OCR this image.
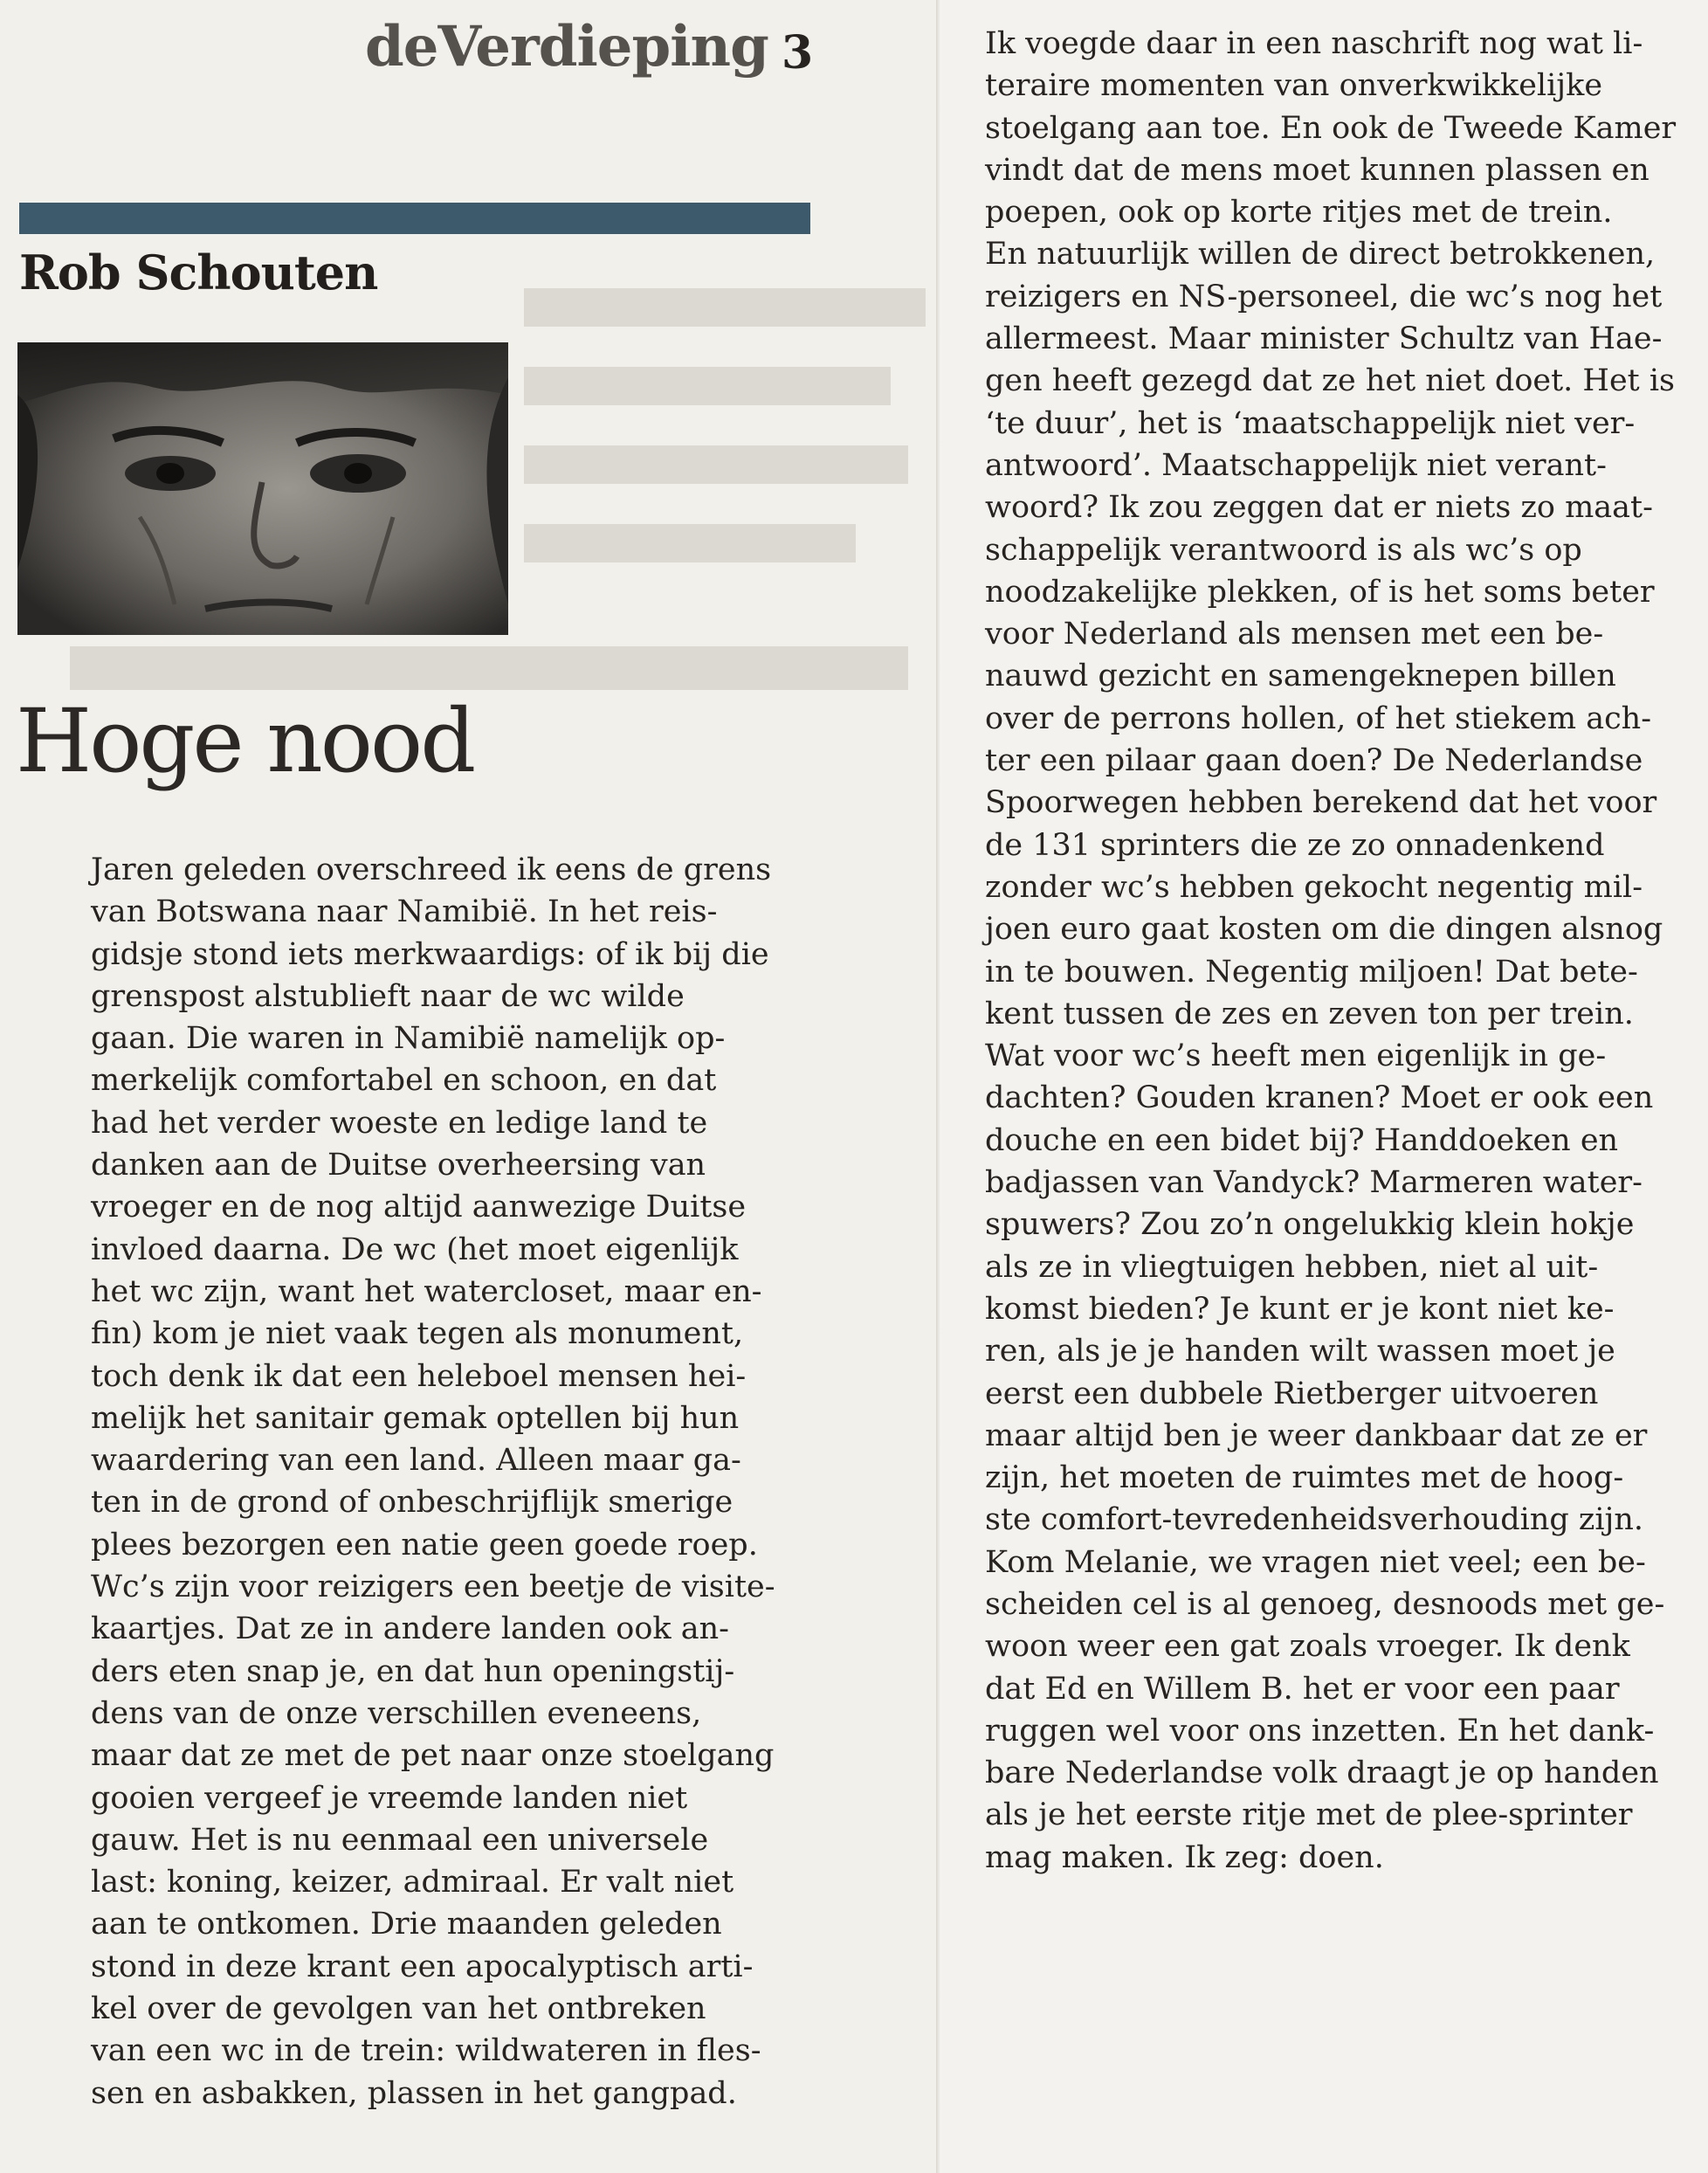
deVerdieping 3
Rob Schouten
Hoge nood
Jaren geleden overschreed ik eens de grens
van Botswana naar Namibië. In het reis-
gidsje stond iets merkwaardigs: of ik bij die
grenspost alstublieft naar de wc wilde
gaan. Die waren in Namibië namelijk op-
merkelijk comfortabel en schoon, en dat
had het verder woeste en ledige land te
danken aan de Duitse overheersing van
vroeger en de nog altijd aanwezige Duitse
invloed daarna. De wc (het moet eigenlijk
het wc zijn, want het watercloset, maar en-
fin) kom je niet vaak tegen als monument,
toch denk ik dat een heleboel mensen hei-
melijk het sanitair gemak optellen bij hun
waardering van een land. Alleen maar ga-
ten in de grond of onbeschrijflijk smerige
plees bezorgen een natie geen goede roep.
Wc’s zijn voor reizigers een beetje de visite-
kaartjes. Dat ze in andere landen ook an-
ders eten snap je, en dat hun openingstij-
dens van de onze verschillen eveneens,
maar dat ze met de pet naar onze stoelgang
gooien vergeef je vreemde landen niet
gauw. Het is nu eenmaal een universele
last: koning, keizer, admiraal. Er valt niet
aan te ontkomen. Drie maanden geleden
stond in deze krant een apocalyptisch arti-
kel over de gevolgen van het ontbreken
van een wc in de trein: wildwateren in fles-
sen en asbakken, plassen in het gangpad.
Ik voegde daar in een naschrift nog wat li-
teraire momenten van onverkwikkelijke
stoelgang aan toe. En ook de Tweede Kamer
vindt dat de mens moet kunnen plassen en
poepen, ook op korte ritjes met de trein.
En natuurlijk willen de direct betrokkenen,
reizigers en NS-personeel, die wc’s nog het
allermeest. Maar minister Schultz van Hae-
gen heeft gezegd dat ze het niet doet. Het is
‘te duur’, het is ‘maatschappelijk niet ver-
antwoord’. Maatschappelijk niet verant-
woord? Ik zou zeggen dat er niets zo maat-
schappelijk verantwoord is als wc’s op
noodzakelijke plekken, of is het soms beter
voor Nederland als mensen met een be-
nauwd gezicht en samengeknepen billen
over de perrons hollen, of het stiekem ach-
ter een pilaar gaan doen? De Nederlandse
Spoorwegen hebben berekend dat het voor
de 131 sprinters die ze zo onnadenkend
zonder wc’s hebben gekocht negentig mil-
joen euro gaat kosten om die dingen alsnog
in te bouwen. Negentig miljoen! Dat bete-
kent tussen de zes en zeven ton per trein.
Wat voor wc’s heeft men eigenlijk in ge-
dachten? Gouden kranen? Moet er ook een
douche en een bidet bij? Handdoeken en
badjassen van Vandyck? Marmeren water-
spuwers? Zou zo’n ongelukkig klein hokje
als ze in vliegtuigen hebben, niet al uit-
komst bieden? Je kunt er je kont niet ke-
ren, als je je handen wilt wassen moet je
eerst een dubbele Rietberger uitvoeren
maar altijd ben je weer dankbaar dat ze er
zijn, het moeten de ruimtes met de hoog-
ste comfort-tevredenheidsverhouding zijn.
Kom Melanie, we vragen niet veel; een be-
scheiden cel is al genoeg, desnoods met ge-
woon weer een gat zoals vroeger. Ik denk
dat Ed en Willem B. het er voor een paar
ruggen wel voor ons inzetten. En het dank-
bare Nederlandse volk draagt je op handen
als je het eerste ritje met de plee-sprinter
mag maken. Ik zeg: doen.
